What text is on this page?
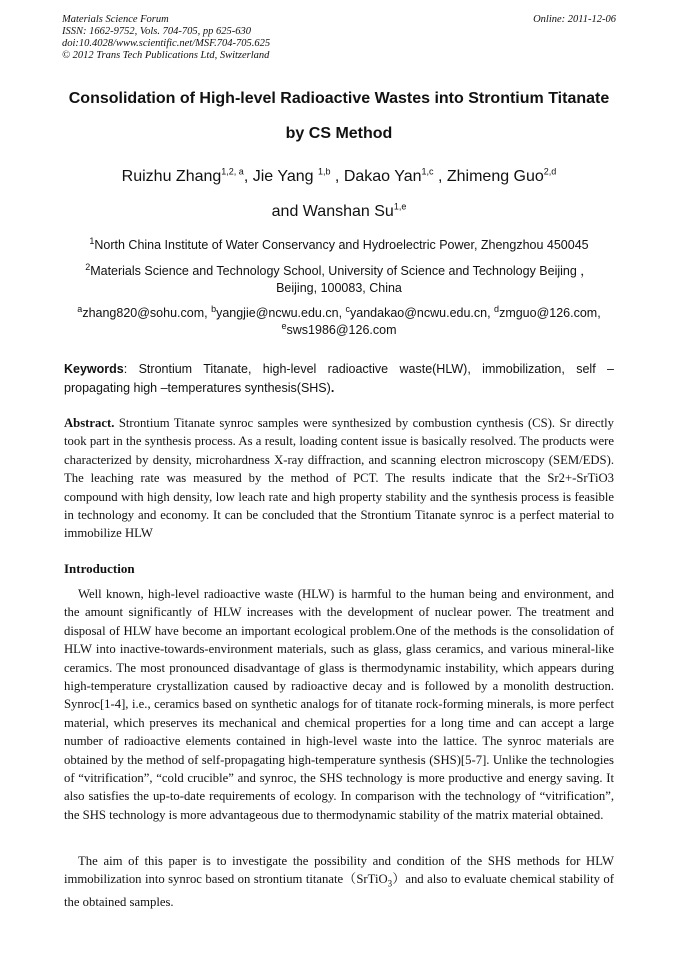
Materials Science Forum
ISSN: 1662-9752, Vols. 704-705, pp 625-630
doi:10.4028/www.scientific.net/MSF.704-705.625
© 2012 Trans Tech Publications Ltd, Switzerland
Online: 2011-12-06
Consolidation of High-level Radioactive Wastes into Strontium Titanate
by CS Method
Ruizhu Zhang$^{1,2, a}$, Jie Yang $^{1,b}$ , Dakao Yan$^{1,c}$ , Zhimeng Guo$^{2,d}$
and Wanshan Su$^{1,e}$
$^1$North China Institute of Water Conservancy and Hydroelectric Power, Zhengzhou 450045
$^2$Materials Science and Technology School, University of Science and Technology Beijing ，
Beijing, 100083, China
$^a$zhang820@sohu.com, $^b$yangjie@ncwu.edu.cn, $^c$yandakao@ncwu.edu.cn, $^d$zmguo@126.com,
$^e$sws1986@126.com
Keywords: Strontium Titanate, high-level radioactive waste(HLW), immobilization, self –propagating high –temperatures synthesis(SHS).
Abstract. Strontium Titanate synroc samples were synthesized by combustion cynthesis (CS). Sr directly took part in the synthesis process. As a result, loading content issue is basically resolved. The products were characterized by density, microhardness X-ray diffraction, and scanning electron microscopy (SEM/EDS). The leaching rate was measured by the method of PCT. The results indicate that the Sr2+-SrTiO3 compound with high density, low leach rate and high property stability and the synthesis process is feasible in technology and economy. It can be concluded that the Strontium Titanate synroc is a perfect material to immobilize HLW
Introduction
Well known, high-level radioactive waste (HLW) is harmful to the human being and environment, and the amount significantly of HLW increases with the development of nuclear power. The treatment and disposal of HLW have become an important ecological problem.One of the methods is the consolidation of HLW into inactive-towards-environment materials, such as glass, glass ceramics, and various mineral-like ceramics. The most pronounced disadvantage of glass is thermodynamic instability, which appears during high-temperature crystallization caused by radioactive decay and is followed by a monolith destruction. Synroc[1-4], i.e., ceramics based on synthetic analogs for of titanate rock-forming minerals, is more perfect material, which preserves its mechanical and chemical properties for a long time and can accept a large number of radioactive elements contained in high-level waste into the lattice. The synroc materials are obtained by the method of self-propagating high-temperature synthesis (SHS)[5-7]. Unlike the technologies of “vitrification”, “cold crucible” and synroc, the SHS technology is more productive and energy saving. It also satisfies the up-to-date requirements of ecology. In comparison with the technology of “vitrification”, the SHS technology is more advantageous due to thermodynamic stability of the matrix material obtained.
The aim of this paper is to investigate the possibility and condition of the SHS methods for HLW immobilization into synroc based on strontium titanate（SrTiO$_3$）and also to evaluate chemical stability of the obtained samples.
